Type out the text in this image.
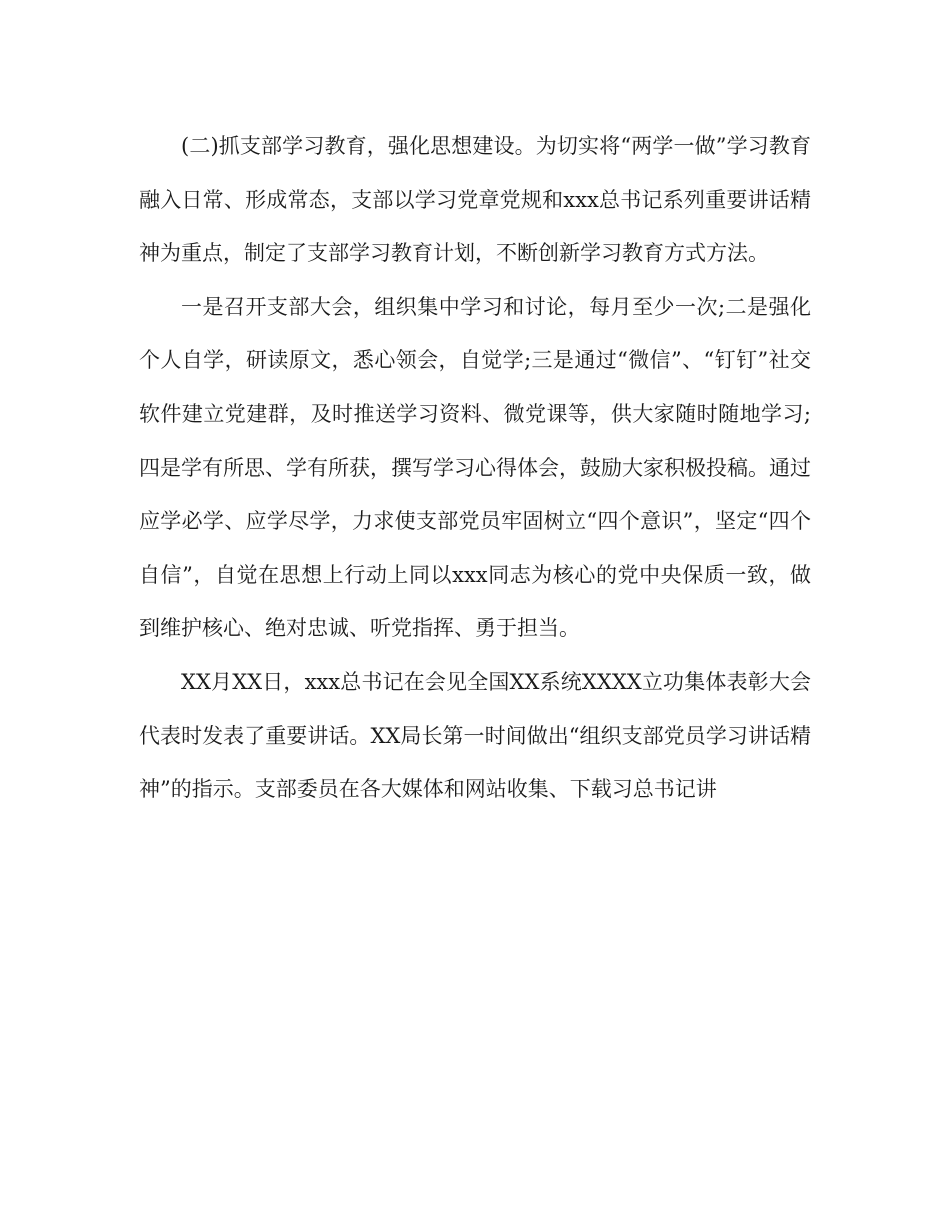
(二)抓支部学习教育，强化思想建设。为切实将“两学一做”学习教育融入日常、形成常态，支部以学习党章党规和xxx总书记系列重要讲话精神为重点，制定了支部学习教育计划，不断创新学习教育方式方法。

一是召开支部大会，组织集中学习和讨论，每月至少一次;二是强化个人自学，研读原文，悉心领会，自觉学;三是通过“微信”、“钉钉”社交软件建立党建群，及时推送学习资料、微党课等，供大家随时随地学习;四是学有所思、学有所获，撰写学习心得体会，鼓励大家积极投稿。通过应学必学、应学尽学，力求使支部党员牢固树立“四个意识”，坚定“四个自信”，自觉在思想上行动上同以xxx同志为核心的党中央保质一致，做到维护核心、绝对忠诚、听党指挥、勇于担当。

XX月XX日，xxx总书记在会见全国XX系统XXXX立功集体表彰大会代表时发表了重要讲话。XX局长第一时间做出“组织支部党员学习讲话精神”的指示。支部委员在各大媒体和网站收集、下载习总书记讲
